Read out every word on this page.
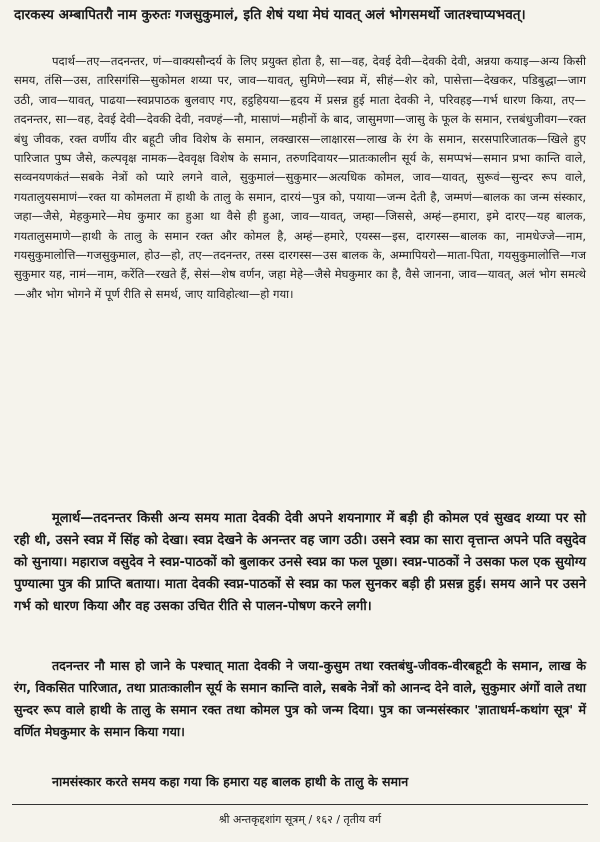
दारकस्य अम्बापितरौ नाम कुरुतः गजसुकुमालं, इति शेषं यथा मेघं यावत् अलं भोगसमर्थो जातश्चाप्यभवत्।
पदार्थ—तए—तदनन्तर, णं—वाक्यसौन्दर्य के लिए प्रयुक्त होता है, सा—वह, देवई देवी—देवकी देवी, अन्नया कयाइ—अन्य किसी समय, तंसि—उस, तारिसगंसि—सुकोमल शय्या पर, जाव—यावत्, सुमिणे—स्वप्न में, सीहं—शेर को, पासेत्ता—देखकर, पडिबुद्धा—जाग उठी, जाव—यावत्, पाढया—स्वप्नपाठक बुलवाए गए, हट्ठहियया—हृदय में प्रसन्न हुई माता देवकी ने, परिवहइ—गर्भ धारण किया, तए—तदनन्तर, सा—वह, देवई देवी—देवकी देवी, नवण्हं—नौ, मासाणं—महीनों के बाद, जासुमणा—जासु के फूल के समान, रत्तबंधुजीवग—रक्त बंधु जीवक, रक्त वर्णीय वीर बहूटी जीव विशेष के समान, लक्खारस—लाक्षारस—लाख के रंग के समान, सरसपारिजातक—खिले हुए पारिजात पुष्प जैसे, कल्पवृक्ष नामक—देववृक्ष विशेष के समान, तरुणदिवायर—प्रातःकालीन सूर्य के, समप्पभं—समान प्रभा कान्ति वाले, सव्वनयणकंतं—सबके नेत्रों को प्यारे लगने वाले, सुकुमालं—सुकुमार—अत्यधिक कोमल, जाव—यावत्, सुरूवं—सुन्दर रूप वाले, गयतालुयसमाणं—रक्त या कोमलता में हाथी के तालु के समान, दारयं—पुत्र को, पयाया—जन्म देती है, जम्मणं—बालक का जन्म संस्कार, जहा—जैसे, मेहकुमारे—मेघ कुमार का हुआ था वैसे ही हुआ, जाव—यावत्, जम्हा—जिससे, अम्हं—हमारा, इमे दारए—यह बालक, गयतालुसमाणे—हाथी के तालु के समान रक्त और कोमल है, अम्हं—हमारे, एयस्स—इस, दारगस्स—बालक का, नामधेज्जे—नाम, गयसुकुमालोत्ति—गजसुकुमाल, होउ—हो, तए—तदनन्तर, तस्स दारगस्स—उस बालक के, अम्मापियरो—माता-पिता, गयसुकुमालोत्ति—गज सुकुमार यह, नामं—नाम, करेंति—रखते हैं, सेसं—शेष वर्णन, जहा मेहे—जैसे मेघकुमार का है, वैसे जानना, जाव—यावत्, अलं भोग समत्थे—और भोग भोगने में पूर्ण रीति से समर्थ, जाए याविहोत्था—हो गया।
मूलार्थ—तदनन्तर किसी अन्य समय माता देवकी देवी अपने शयनागार में बड़ी ही कोमल एवं सुखद शय्या पर सो रही थी, उसने स्वप्न में सिंह को देखा। स्वप्न देखने के अनन्तर वह जाग उठी। उसने स्वप्न का सारा वृत्तान्त अपने पति वसुदेव को सुनाया। महाराज वसुदेव ने स्वप्न-पाठकों को बुलाकर उनसे स्वप्न का फल पूछा। स्वप्न-पाठकों ने उसका फल एक सुयोग्य पुण्यात्मा पुत्र की प्राप्ति बताया। माता देवकी स्वप्न-पाठकों से स्वप्न का फल सुनकर बड़ी ही प्रसन्न हुई। समय आने पर उसने गर्भ को धारण किया और वह उसका उचित रीति से पालन-पोषण करने लगी।
तदनन्तर नौ मास हो जाने के पश्चात् माता देवकी ने जया-कुसुम तथा रक्तबंधु-जीवक-वीरबहूटी के समान, लाख के रंग, विकसित पारिजात, तथा प्रातःकालीन सूर्य के समान कान्ति वाले, सबके नेत्रों को आनन्द देने वाले, सुकुमार अंगों वाले तथा सुन्दर रूप वाले हाथी के तालु के समान रक्त तथा कोमल पुत्र को जन्म दिया। पुत्र का जन्मसंस्कार 'ज्ञाताधर्म-कथांग सूत्र' में वर्णित मेघकुमार के समान किया गया।
नामसंस्कार करते समय कहा गया कि हमारा यह बालक हाथी के तालु के समान
श्री अन्तकृद्दशांग सूत्रम् / १६२ / तृतीय वर्ग
